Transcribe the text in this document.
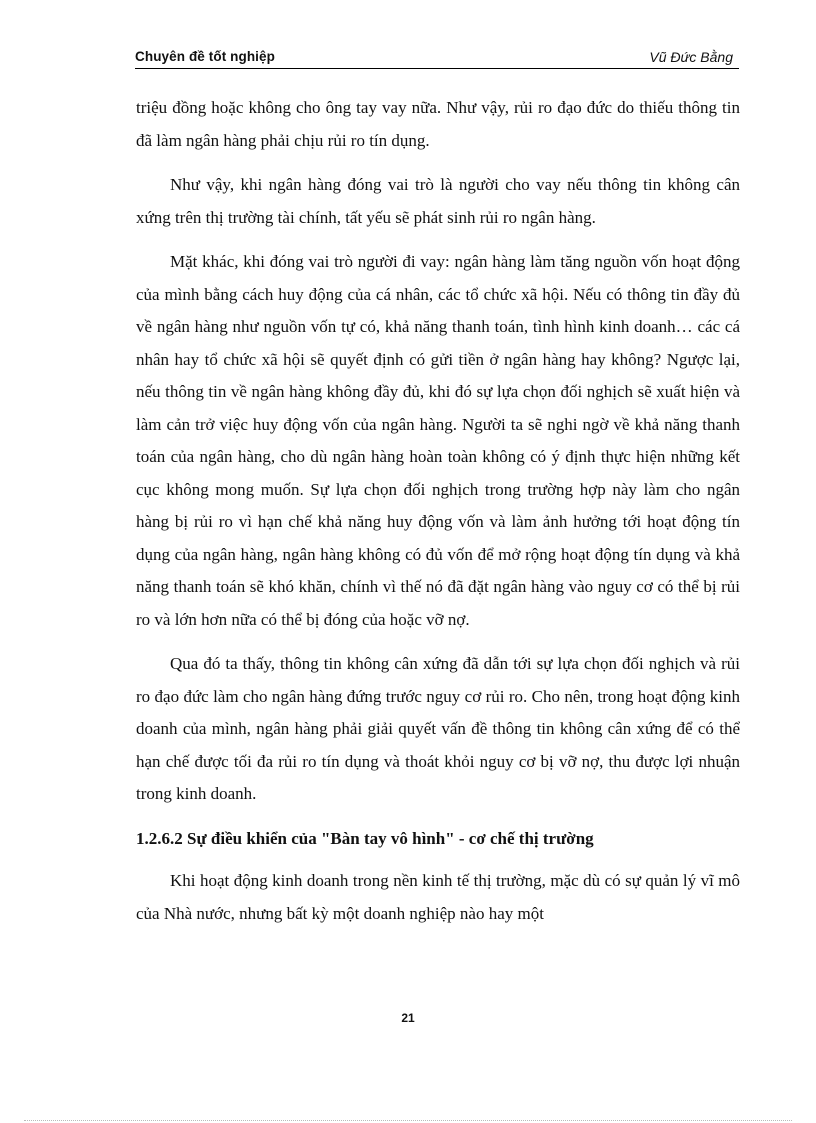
Chuyên đề tốt nghiệp	Vũ Đức Bằng

triệu đồng hoặc không cho ông tay vay nữa. Như vậy, rủi ro đạo đức do thiếu thông tin đã làm ngân hàng phải chịu rủi ro tín dụng.

Như vậy, khi ngân hàng đóng vai trò là người cho vay nếu thông tin không cân xứng trên thị trường tài chính, tất yếu sẽ phát sinh rủi ro ngân hàng.

Mặt khác, khi đóng vai trò người đi vay: ngân hàng làm tăng nguồn vốn hoạt động của mình bằng cách huy động của cá nhân, các tổ chức xã hội. Nếu có thông tin đầy đủ về ngân hàng như nguồn vốn tự có, khả năng thanh toán, tình hình kinh doanh… các cá nhân hay tổ chức xã hội sẽ quyết định có gửi tiền ở ngân hàng hay không? Ngược lại, nếu thông tin về ngân hàng không đầy đủ, khi đó sự lựa chọn đối nghịch sẽ xuất hiện và làm cản trở việc huy động vốn của ngân hàng. Người ta sẽ nghi ngờ về khả năng thanh toán của ngân hàng, cho dù ngân hàng hoàn toàn không có ý định thực hiện những kết cục không mong muốn. Sự lựa chọn đối nghịch trong trường hợp này làm cho ngân hàng bị rủi ro vì hạn chế khả năng huy động vốn và làm ảnh hưởng tới hoạt động tín dụng của ngân hàng, ngân hàng không có đủ vốn để mở rộng hoạt động tín dụng và khả năng thanh toán sẽ khó khăn, chính vì thế nó đã đặt ngân hàng vào nguy cơ có thể bị rủi ro và lớn hơn nữa có thể bị đóng của hoặc vỡ nợ.

Qua đó ta thấy, thông tin không cân xứng đã dẫn tới sự lựa chọn đối nghịch và rủi ro đạo đức làm cho ngân hàng đứng trước nguy cơ rủi ro. Cho nên, trong hoạt động kinh doanh của mình, ngân hàng phải giải quyết vấn đề thông tin không cân xứng để có thể hạn chế được tối đa rủi ro tín dụng và thoát khỏi nguy cơ bị vỡ nợ, thu được lợi nhuận trong kinh doanh.

1.2.6.2 Sự điều khiển của "Bàn tay vô hình" - cơ chế thị trường

Khi hoạt động kinh doanh trong nền kinh tế thị trường, mặc dù có sự quản lý vĩ mô của Nhà nước, nhưng bất kỳ một doanh nghiệp nào hay một

21
